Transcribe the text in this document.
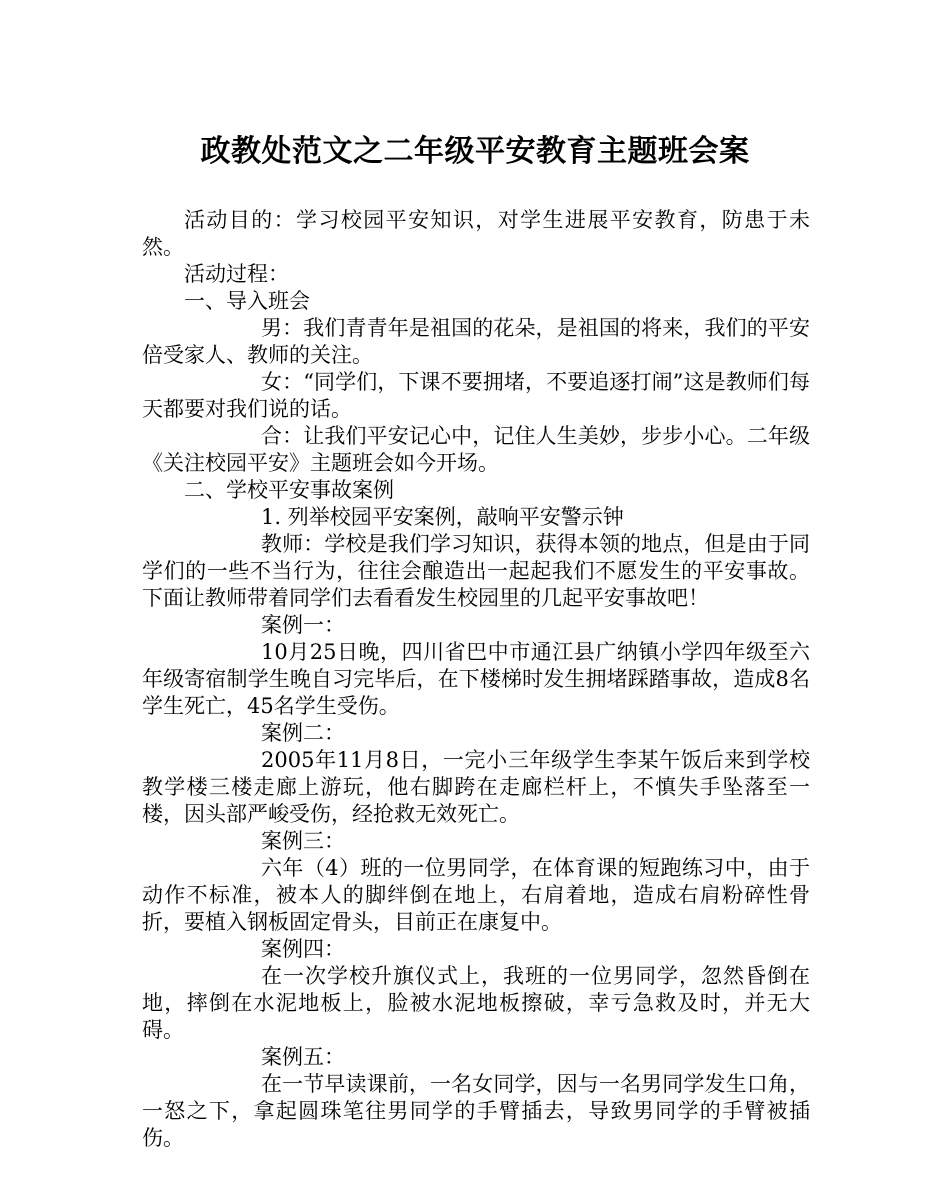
政教处范文之二年级平安教育主题班会案

活动目的：学习校园平安知识，对学生进展平安教育，防患于未然。

活动过程：

一、导入班会

男：我们青青年是祖国的花朵，是祖国的将来，我们的平安倍受家人、教师的关注。

女：“同学们，下课不要拥堵，不要追逐打闹”这是教师们每天都要对我们说的话。

合：让我们平安记心中，记住人生美妙，步步小心。二年级《关注校园平安》主题班会如今开场。

二、学校平安事故案例

1. 列举校园平安案例，敲响平安警示钟

教师：学校是我们学习知识，获得本领的地点，但是由于同学们的一些不当行为，往往会酿造出一起起我们不愿发生的平安事故。下面让教师带着同学们去看看发生校园里的几起平安事故吧！

案例一：

10月25日晚，四川省巴中市通江县广纳镇小学四年级至六年级寄宿制学生晚自习完毕后，在下楼梯时发生拥堵踩踏事故，造成8名学生死亡，45名学生受伤。

案例二：

2005年11月8日，一完小三年级学生李某午饭后来到学校教学楼三楼走廊上游玩，他右脚跨在走廊栏杆上，不慎失手坠落至一楼，因头部严峻受伤，经抢救无效死亡。

案例三：

六年（4）班的一位男同学，在体育课的短跑练习中，由于动作不标准，被本人的脚绊倒在地上，右肩着地，造成右肩粉碎性骨折，要植入钢板固定骨头，目前正在康复中。

案例四：

在一次学校升旗仪式上，我班的一位男同学，忽然昏倒在地，摔倒在水泥地板上，脸被水泥地板擦破，幸亏急救及时，并无大碍。

案例五：

在一节早读课前，一名女同学，因与一名男同学发生口角，一怒之下，拿起圆珠笔往男同学的手臂插去，导致男同学的手臂被插伤。
